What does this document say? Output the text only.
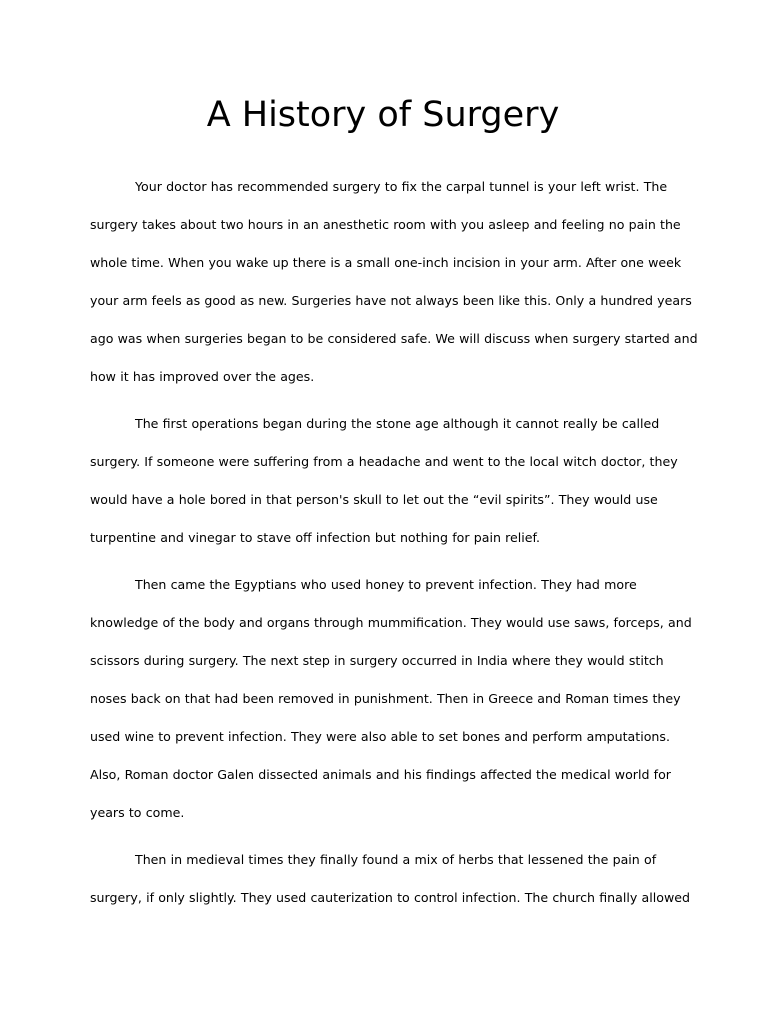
A History of Surgery

Your doctor has recommended surgery to fix the carpal tunnel is your left wrist. The
surgery takes about two hours in an anesthetic room with you asleep and feeling no pain the
whole time. When you wake up there is a small one-inch incision in your arm. After one week
your arm feels as good as new. Surgeries have not always been like this. Only a hundred years
ago was when surgeries began to be considered safe. We will discuss when surgery started and
how it has improved over the ages.

The first operations began during the stone age although it cannot really be called
surgery. If someone were suffering from a headache and went to the local witch doctor, they
would have a hole bored in that person's skull to let out the “evil spirits”. They would use
turpentine and vinegar to stave off infection but nothing for pain relief.

Then came the Egyptians who used honey to prevent infection. They had more
knowledge of the body and organs through mummification. They would use saws, forceps, and
scissors during surgery. The next step in surgery occurred in India where they would stitch
noses back on that had been removed in punishment. Then in Greece and Roman times they
used wine to prevent infection. They were also able to set bones and perform amputations.
Also, Roman doctor Galen dissected animals and his findings affected the medical world for
years to come.

Then in medieval times they finally found a mix of herbs that lessened the pain of
surgery, if only slightly. They used cauterization to control infection. The church finally allowed
